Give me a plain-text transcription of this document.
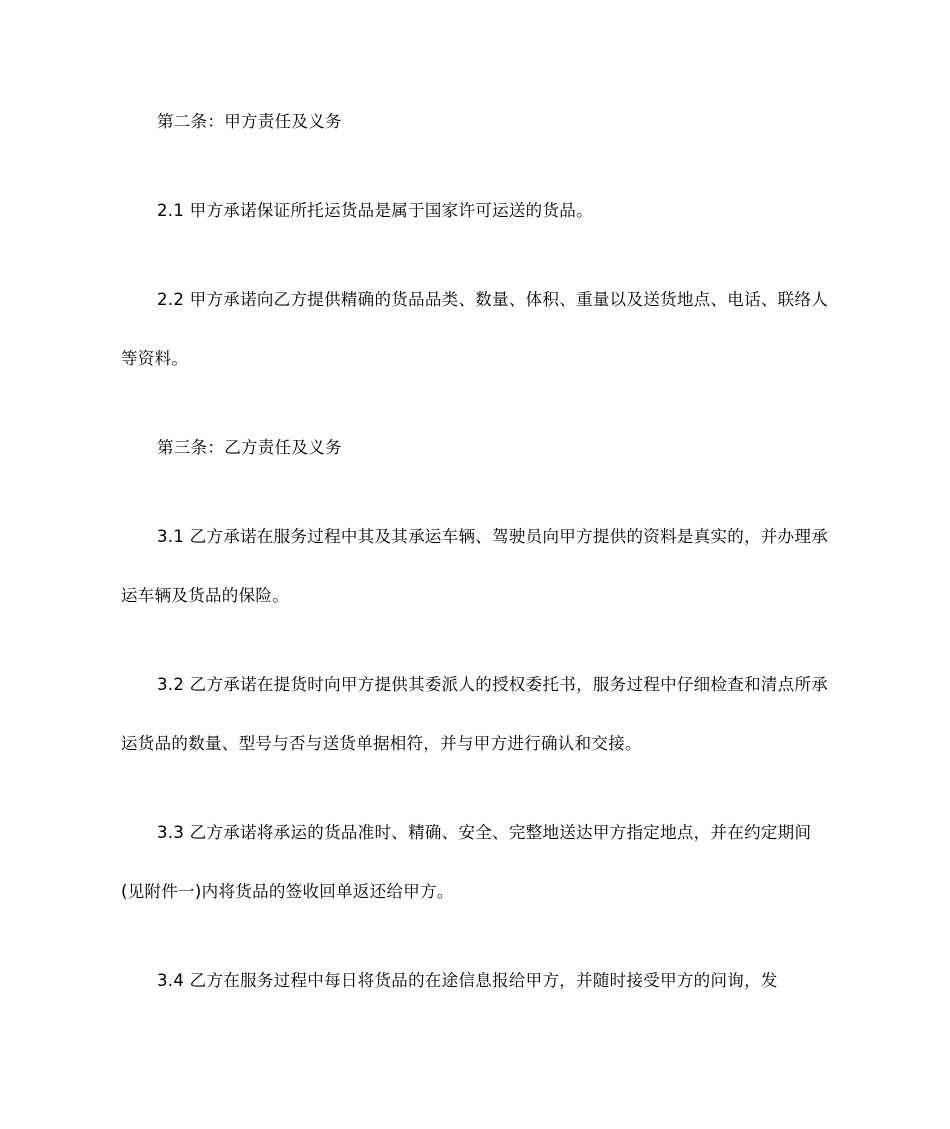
第二条：甲方责任及义务

2.1 甲方承诺保证所托运货品是属于国家许可运送的货品。

2.2 甲方承诺向乙方提供精确的货品品类、数量、体积、重量以及送货地点、电话、联络人等资料。

第三条：乙方责任及义务

3.1 乙方承诺在服务过程中其及其承运车辆、驾驶员向甲方提供的资料是真实的，并办理承运车辆及货品的保险。

3.2 乙方承诺在提货时向甲方提供其委派人的授权委托书，服务过程中仔细检查和清点所承运货品的数量、型号与否与送货单据相符，并与甲方进行确认和交接。

3.3 乙方承诺将承运的货品准时、精确、安全、完整地送达甲方指定地点，并在约定期间(见附件一)内将货品的签收回单返还给甲方。

3.4 乙方在服务过程中每日将货品的在途信息报给甲方，并随时接受甲方的问询，发
